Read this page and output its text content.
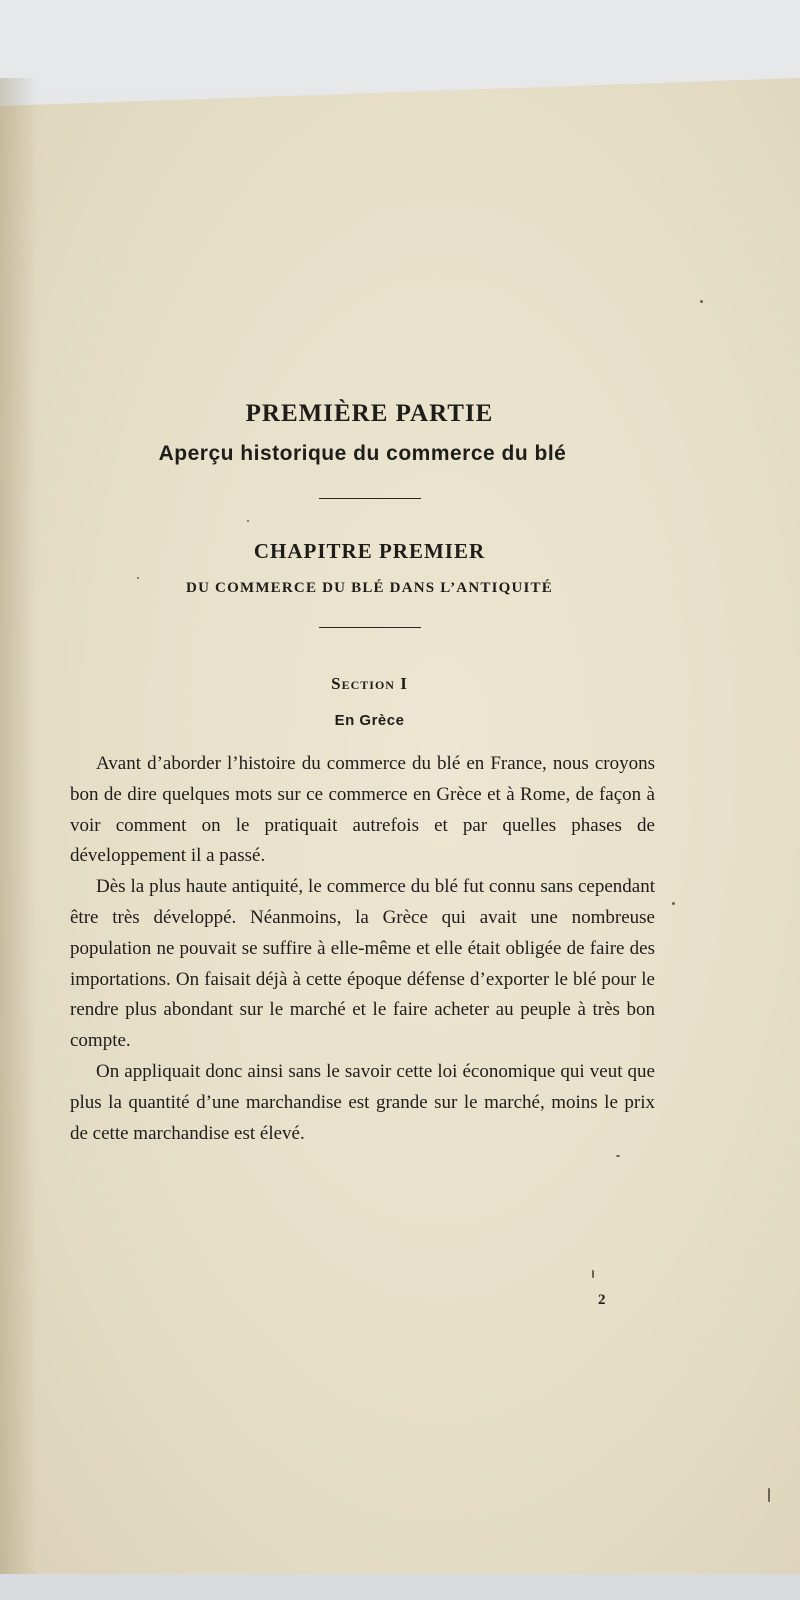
PREMIÈRE PARTIE
Aperçu historique du commerce du blé
CHAPITRE PREMIER
DU COMMERCE DU BLÉ DANS L’ANTIQUITÉ
Section I
En Grèce

Avant d’aborder l’histoire du commerce du blé en France, nous croyons bon de dire quelques mots sur ce commerce en Grèce et à Rome, de façon à voir comment on le pratiquait autrefois et par quelles phases de développement il a passé.

Dès la plus haute antiquité, le commerce du blé fut connu sans cependant être très développé. Néanmoins, la Grèce qui avait une nombreuse population ne pouvait se suffire à elle-même et elle était obligée de faire des importations. On faisait déjà à cette époque défense d’exporter le blé pour le rendre plus abondant sur le marché et le faire acheter au peuple à très bon compte.

On appliquait donc ainsi sans le savoir cette loi économique qui veut que plus la quantité d’une marchandise est grande sur le marché, moins le prix de cette marchandise est élevé.

2
